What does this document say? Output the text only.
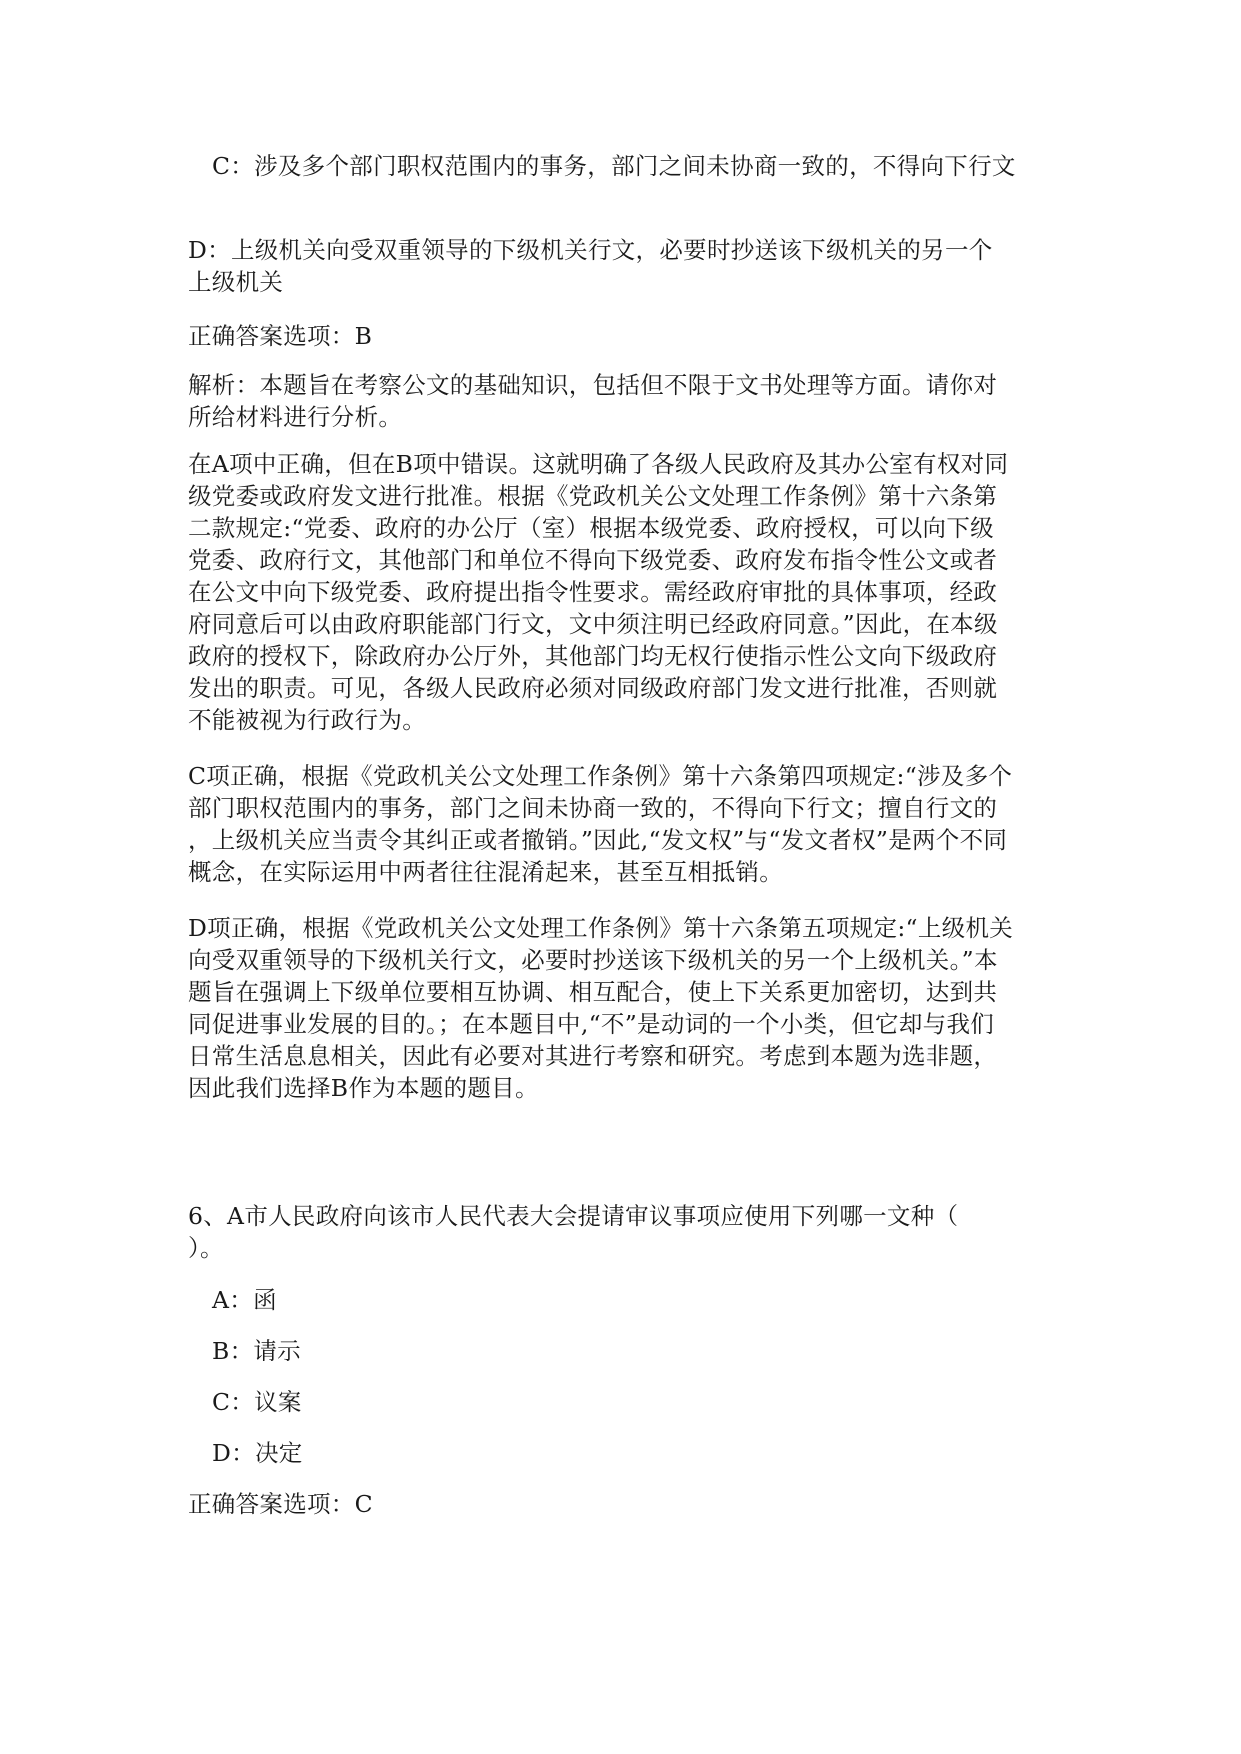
C：涉及多个部门职权范围内的事务，部门之间未协商一致的，不得向下行文
D：上级机关向受双重领导的下级机关行文，必要时抄送该下级机关的另一个
上级机关
正确答案选项：B
解析：本题旨在考察公文的基础知识，包括但不限于文书处理等方面。请你对
所给材料进行分析。
在A项中正确，但在B项中错误。这就明确了各级人民政府及其办公室有权对同
级党委或政府发文进行批准。根据《党政机关公文处理工作条例》第十六条第
二款规定:“党委、政府的办公厅（室）根据本级党委、政府授权，可以向下级
党委、政府行文，其他部门和单位不得向下级党委、政府发布指令性公文或者
在公文中向下级党委、政府提出指令性要求。需经政府审批的具体事项，经政
府同意后可以由政府职能部门行文，文中须注明已经政府同意。”因此，在本级
政府的授权下，除政府办公厅外，其他部门均无权行使指示性公文向下级政府
发出的职责。可见，各级人民政府必须对同级政府部门发文进行批准，否则就
不能被视为行政行为。
C项正确，根据《党政机关公文处理工作条例》第十六条第四项规定:“涉及多个
部门职权范围内的事务，部门之间未协商一致的，不得向下行文；擅自行文的
，上级机关应当责令其纠正或者撤销。”因此,“发文权”与“发文者权”是两个不同
概念，在实际运用中两者往往混淆起来，甚至互相抵销。
D项正确，根据《党政机关公文处理工作条例》第十六条第五项规定:“上级机关
向受双重领导的下级机关行文，必要时抄送该下级机关的另一个上级机关。”本
题旨在强调上下级单位要相互协调、相互配合，使上下关系更加密切，达到共
同促进事业发展的目的。；在本题目中,“不”是动词的一个小类，但它却与我们
日常生活息息相关，因此有必要对其进行考察和研究。考虑到本题为选非题，
因此我们选择B作为本题的题目。
6、A市人民政府向该市人民代表大会提请审议事项应使用下列哪一文种（
）。
A：函
B：请示
C：议案
D：决定
正确答案选项：C
